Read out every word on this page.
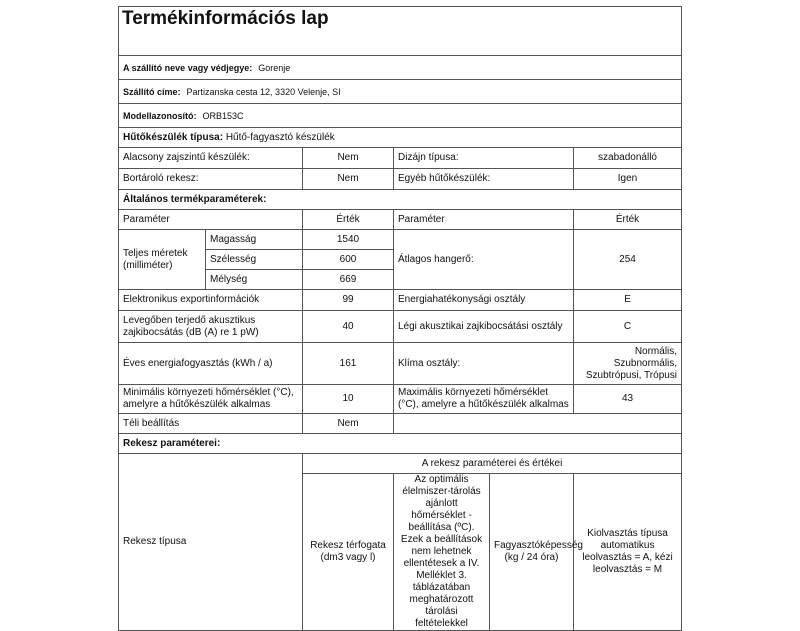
Termékinformációs lap					
A szállító neve vagy védjegye: Gorenje					
Szállító címe: Partizanska cesta 12, 3320 Velenje, SI					
Modellazonosító: ORB153C					
Hűtőkészülék típusa: Hűtő-fagyasztó készülék					
Alacsony zajszintű készülék:		Nem	Dizájn típusa:		szabadonálló
Bortároló rekesz:		Nem	Egyéb hűtőkészülék:		Igen
Általános termékparaméterek:					
Paraméter		Érték	Paraméter		Érték
Teljes méretek (milliméter)	Magasság	1540	Átlagos hangerő:		254
	Szélesség	600			
	Mélység	669			
Elektronikus exportinformációk		99	Energiahatékonysági osztály		E
Levegőben terjedő akusztikus zajkibocsátás (dB (A) re 1 pW)		40	Légi akusztikai zajkibocsátási osztály		C
Éves energiafogyasztás (kWh / a)		161	Klíma osztály:		Normális, Szubnormális, Szubtrópusi, Trópusi
Minimális környezeti hőmérséklet (°C), amelyre a hűtőkészülék alkalmas		10	Maximális környezeti hőmérséklet (°C), amelyre a hűtőkészülék alkalmas		43
Téli beállítás		Nem			
Rekesz paraméterei:					
Rekesz típusa		A rekesz paraméterei és értékei			
		Rekesz térfogata (dm3 vagy l)	Az optimális élelmiszer-tárolás ajánlott hőmérséklet -beállítása (ºC). Ezek a beállítások nem lehetnek ellentétesek a IV. Melléklet 3. táblázatában meghatározott tárolási feltételekkel	Fagyasztóképesség (kg / 24 óra)	Kiolvasztás típusa automatikus leolvasztás = A, kézi leolvasztás = M
